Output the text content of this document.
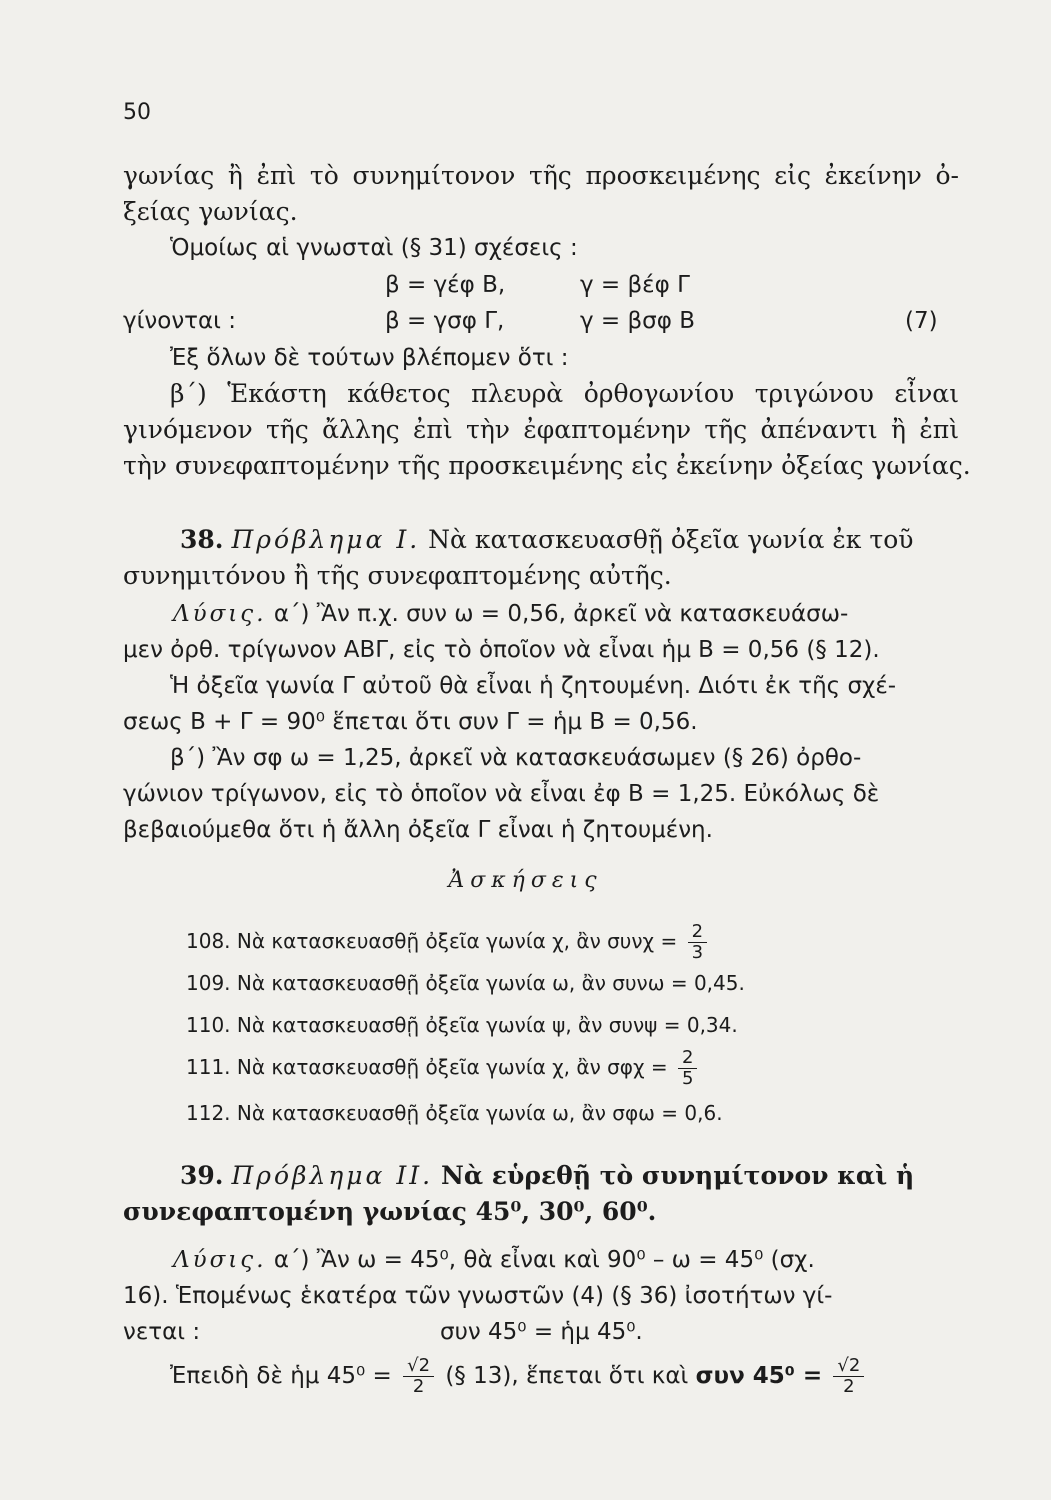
50
γωνίας ἢ ἐπὶ τὸ συνημίτονον τῆς προσκειμένης εἰς ἐκείνην ὀ-
ξείας γωνίας.
Ὁμοίως αἱ γνωσταὶ (§ 31) σχέσεις :
β = γέφ Β,	γ = βέφ Γ
γίνονται :	β = γσφ Γ,	γ = βσφ Β	(7)
Ἐξ ὅλων δὲ τούτων βλέπομεν ὅτι :
β΄) Ἑκάστη κάθετος πλευρὰ ὀρθογωνίου τριγώνου εἶναι
γινόμενον τῆς ἄλλης ἐπὶ τὴν ἐφαπτομένην τῆς ἀπέναντι ἢ ἐπὶ
τὴν συνεφαπτομένην τῆς προσκειμένης εἰς ἐκείνην ὀξείας γωνίας.
38. Πρόβλημα Ι. Νὰ κατασκευασθῇ ὀξεῖα γωνία ἐκ τοῦ
συνημιτόνου ἢ τῆς συνεφαπτομένης αὐτῆς.
Λύσις. α΄) Ἂν π.χ. συν ω = 0,56, ἀρκεῖ νὰ κατασκευάσω-
μεν ὀρθ. τρίγωνον ΑΒΓ, εἰς τὸ ὁποῖον νὰ εἶναι ἡμ Β = 0,56 (§ 12).
Ἡ ὀξεῖα γωνία Γ αὐτοῦ θὰ εἶναι ἡ ζητουμένη. Διότι ἐκ τῆς σχέ-
σεως Β + Γ = 90⁰ ἕπεται ὅτι συν Γ = ἡμ Β = 0,56.
β΄) Ἂν σφ ω = 1,25, ἀρκεῖ νὰ κατασκευάσωμεν (§ 26) ὀρθο-
γώνιον τρίγωνον, εἰς τὸ ὁποῖον νὰ εἶναι ἐφ Β = 1,25. Εὐκόλως δὲ
βεβαιούμεθα ὅτι ἡ ἄλλη ὀξεῖα Γ εἶναι ἡ ζητουμένη.
Ἀσκήσεις
108. Νὰ κατασκευασθῇ ὀξεῖα γωνία χ, ἂν $\sigma\upsilon\nu\chi = \frac{2}{3}$
109. Νὰ κατασκευασθῇ ὀξεῖα γωνία ω, ἂν συνω = 0,45.
110. Νὰ κατασκευασθῇ ὀξεῖα γωνία ψ, ἂν συνψ = 0,34.
111. Νὰ κατασκευασθῇ ὀξεῖα γωνία χ, ἂν $\sigma\varphi\chi = \frac{2}{5}$
112. Νὰ κατασκευασθῇ ὀξεῖα γωνία ω, ἂν σφω = 0,6.
39. Πρόβλημα ΙΙ. Νὰ εὑρεθῇ τὸ συνημίτονον καὶ ἡ
συνεφαπτομένη γωνίας 45⁰, 30⁰, 60⁰.
Λύσις. α΄) Ἂν ω = 45⁰, θὰ εἶναι καὶ 90⁰ – ω = 45⁰ (σχ.
16). Ἑπομένως ἑκατέρα τῶν γνωστῶν (4) (§ 36) ἰσοτήτων γί-
νεται :	συν 45⁰ = ἡμ 45⁰.
Ἐπειδὴ δὲ ἡμ $45^0 = \frac{√2}{2}$ (§ 13), ἕπεται ὅτι καὶ συν $45^0 = \frac{√2}{2}$
